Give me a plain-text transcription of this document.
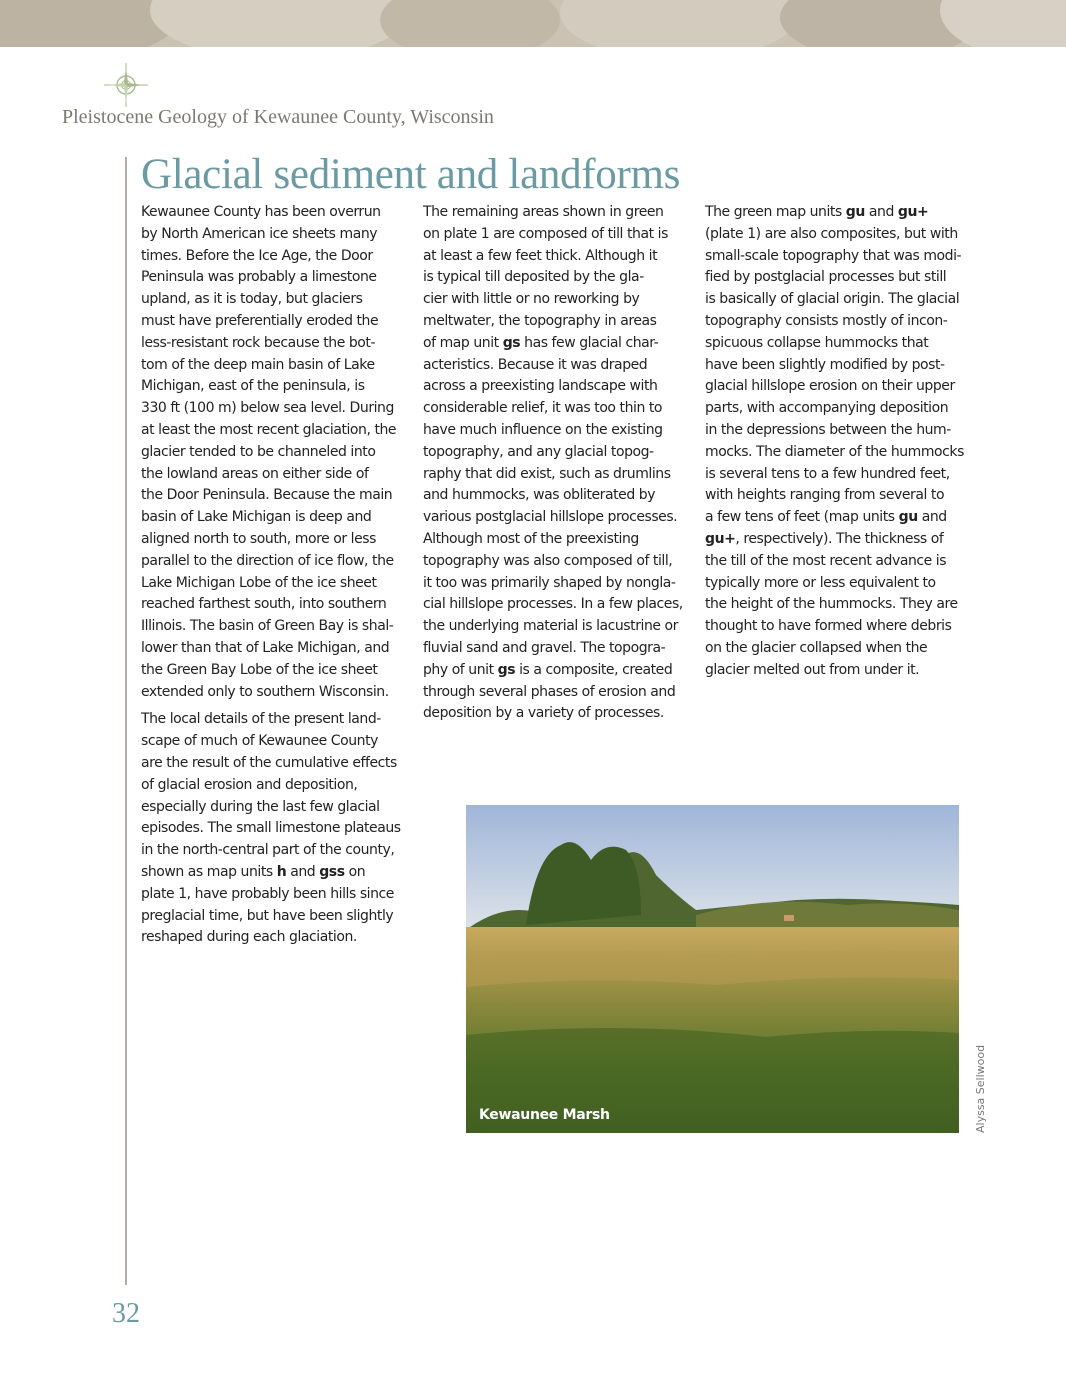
Pleistocene Geology of Kewaunee County, Wisconsin
Glacial sediment and landforms

Kewaunee County has been overrun
by North American ice sheets many
times. Before the Ice Age, the Door
Peninsula was probably a limestone
upland, as it is today, but glaciers
must have preferentially eroded the
less-resistant rock because the bot-
tom of the deep main basin of Lake
Michigan, east of the peninsula, is
330 ft (100 m) below sea level. During
at least the most recent glaciation, the
glacier tended to be channeled into
the lowland areas on either side of
the Door Peninsula. Because the main
basin of Lake Michigan is deep and
aligned north to south, more or less
parallel to the direction of ice flow, the
Lake Michigan Lobe of the ice sheet
reached farthest south, into southern
Illinois. The basin of Green Bay is shal-
lower than that of Lake Michigan, and
the Green Bay Lobe of the ice sheet
extended only to southern Wisconsin.

The local details of the present land-
scape of much of Kewaunee County
are the result of the cumulative effects
of glacial erosion and deposition,
especially during the last few glacial
episodes. The small limestone plateaus
in the north-central part of the county,
shown as map units h and gss on
plate 1, have probably been hills since
preglacial time, but have been slightly
reshaped during each glaciation.

The remaining areas shown in green
on plate 1 are composed of till that is
at least a few feet thick. Although it
is typical till deposited by the gla-
cier with little or no reworking by
meltwater, the topography in areas
of map unit gs has few glacial char-
acteristics. Because it was draped
across a preexisting landscape with
considerable relief, it was too thin to
have much influence on the existing
topography, and any glacial topog-
raphy that did exist, such as drumlins
and hummocks, was obliterated by
various postglacial hillslope processes.
Although most of the preexisting
topography was also composed of till,
it too was primarily shaped by nongla-
cial hillslope processes. In a few places,
the underlying material is lacustrine or
fluvial sand and gravel. The topogra-
phy of unit gs is a composite, created
through several phases of erosion and
deposition by a variety of processes.

The green map units gu and gu+
(plate 1) are also composites, but with
small-scale topography that was modi-
fied by postglacial processes but still
is basically of glacial origin. The glacial
topography consists mostly of incon-
spicuous collapse hummocks that
have been slightly modified by post-
glacial hillslope erosion on their upper
parts, with accompanying deposition
in the depressions between the hum-
mocks. The diameter of the hummocks
is several tens to a few hundred feet,
with heights ranging from several to
a few tens of feet (map units gu and
gu+, respectively). The thickness of
the till of the most recent advance is
typically more or less equivalent to
the height of the hummocks. They are
thought to have formed where debris
on the glacier collapsed when the
glacier melted out from under it.

Kewaunee Marsh	Alyssa Sellwood
32
